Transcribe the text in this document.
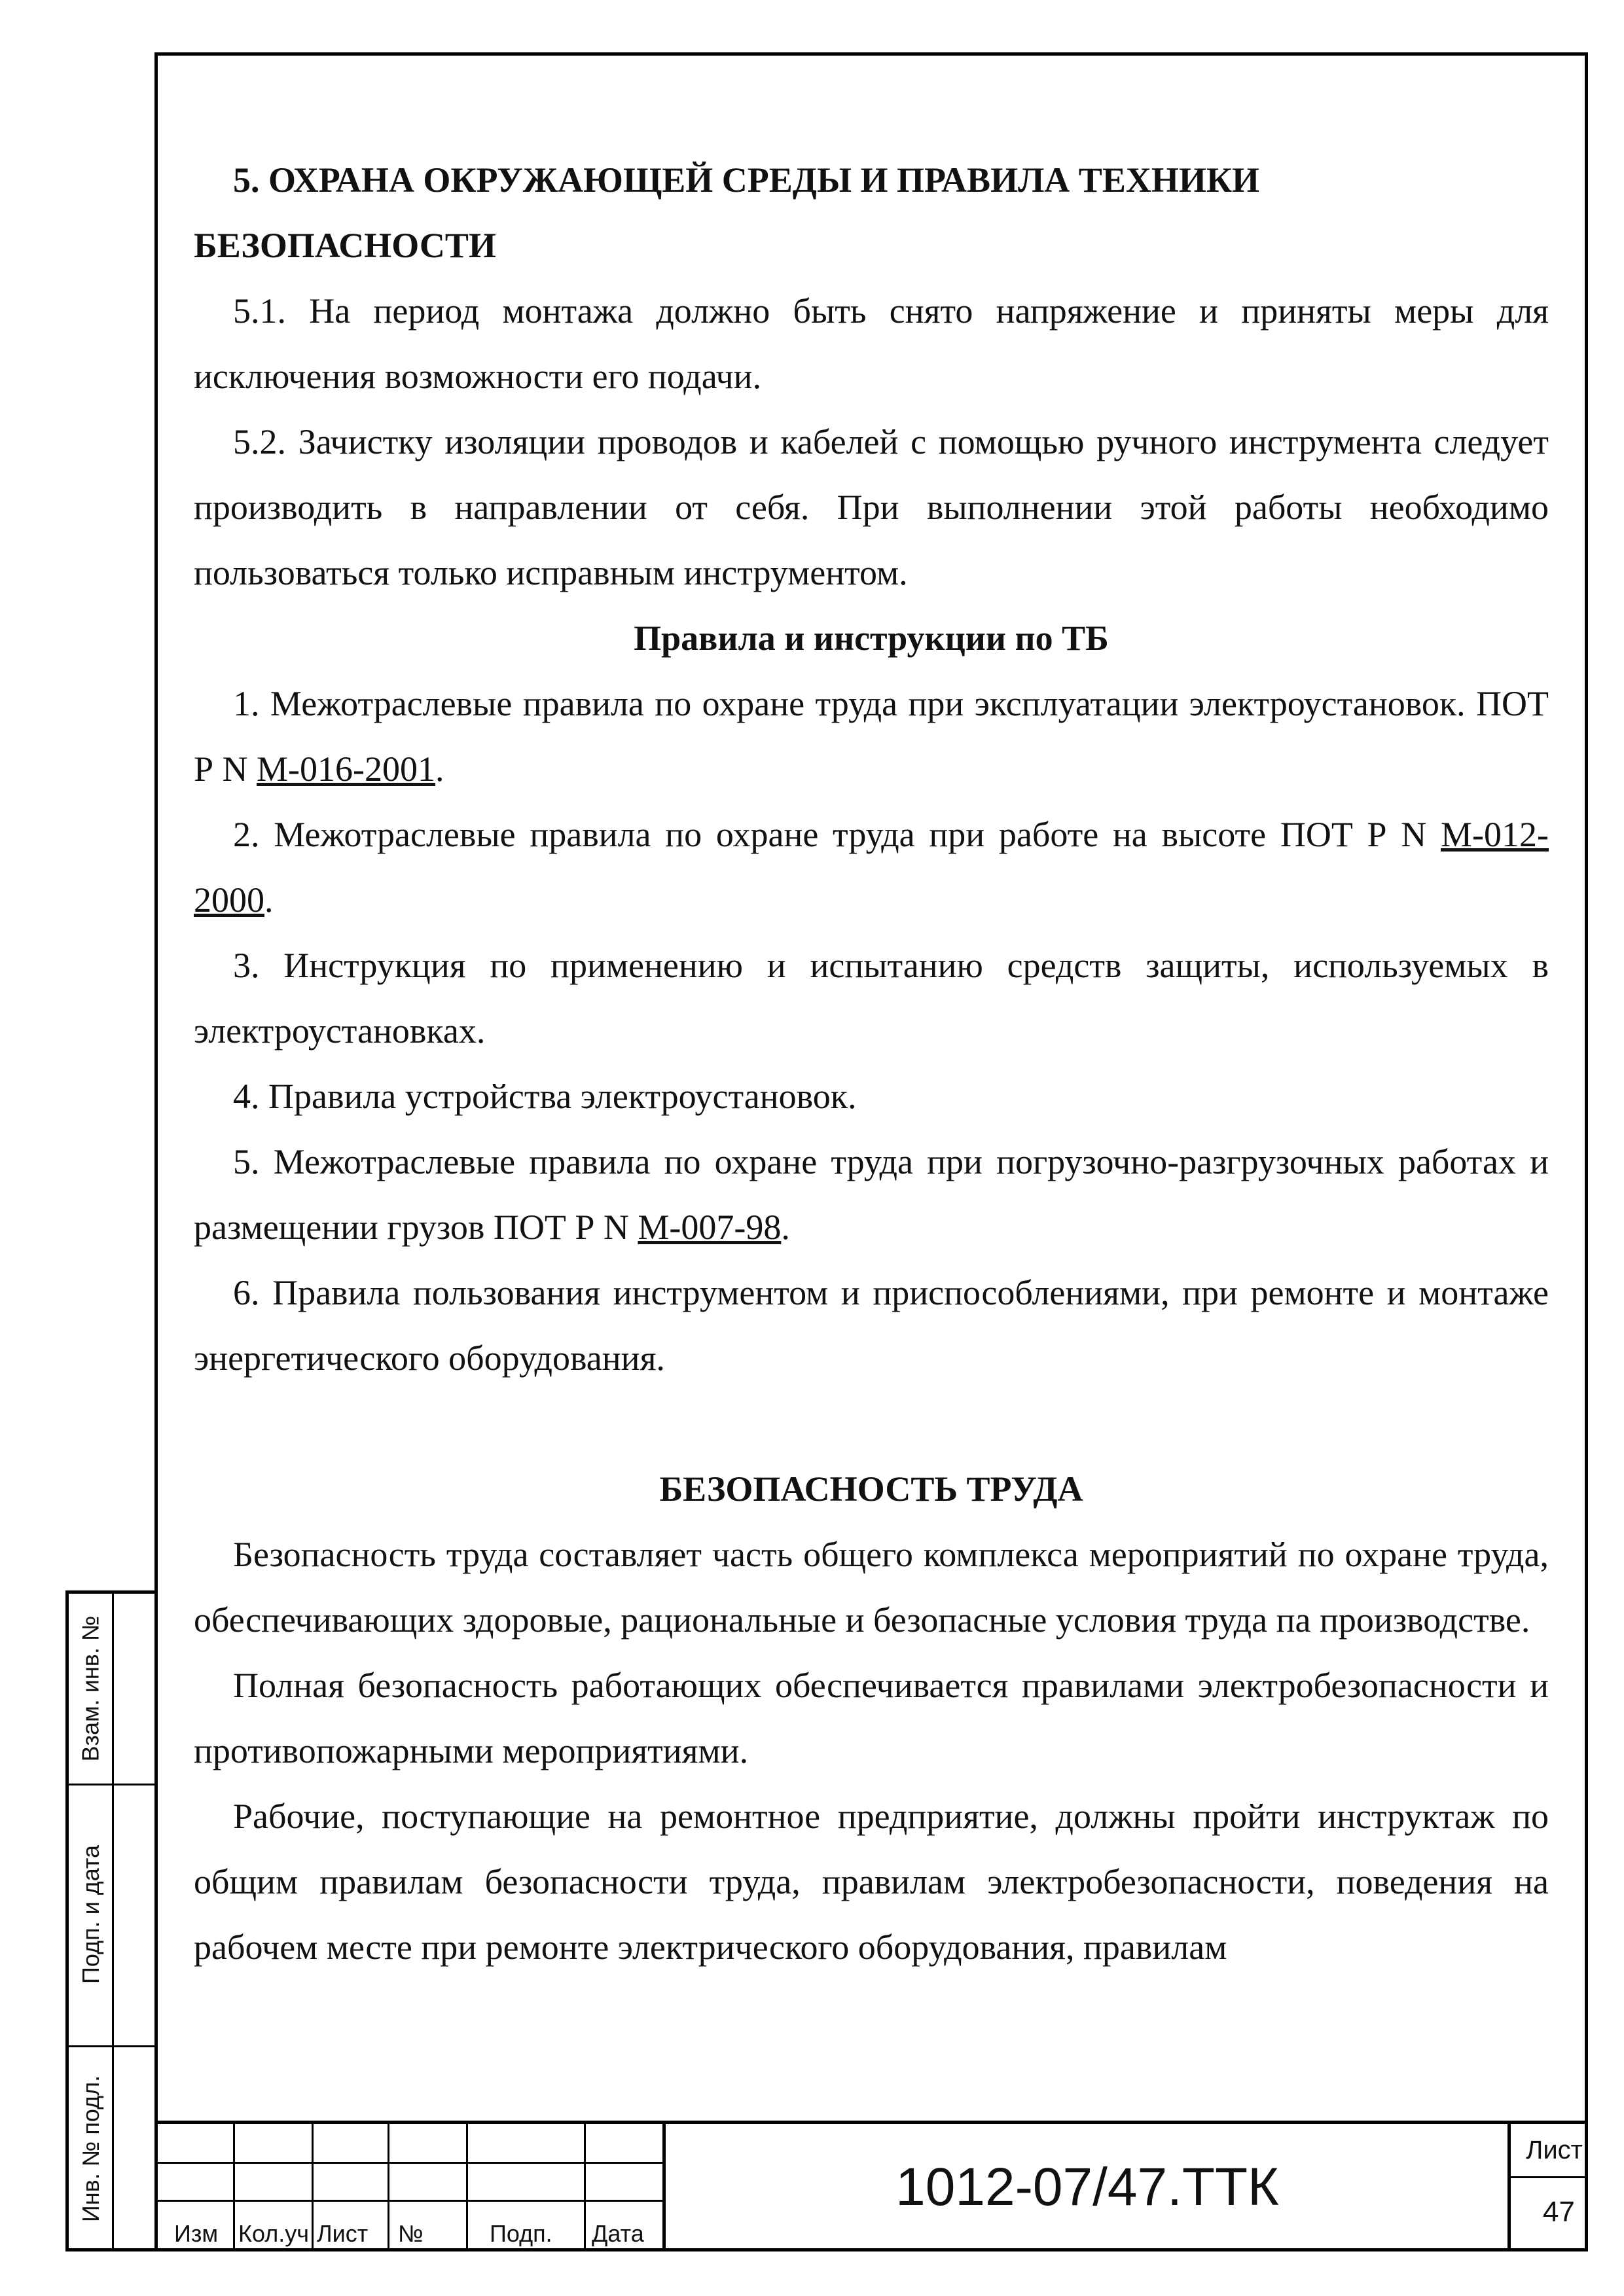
5. ОХРАНА ОКРУЖАЮЩЕЙ СРЕДЫ И ПРАВИЛА ТЕХНИКИ

БЕЗОПАСНОСТИ

5.1. На период монтажа должно быть снято напряжение и приняты меры для исключения возможности его подачи.

5.2. Зачистку изоляции проводов и кабелей с помощью ручного инструмента следует производить в направлении от себя. При выполнении этой работы необходимо пользоваться только исправным инструментом.

Правила и инструкции по ТБ

1. Межотраслевые правила по охране труда при эксплуатации электроустановок. ПОТ Р N М-016-2001.

2. Межотраслевые правила по охране труда при работе на высоте ПОТ Р N М-012-2000.

3. Инструкция по применению и испытанию средств защиты, используемых в электроустановках.

4. Правила устройства электроустановок.

5. Межотраслевые правила по охране труда при погрузочно-разгрузочных работах и размещении грузов ПОТ Р N М-007-98.

6. Правила пользования инструментом и приспособлениями, при ремонте и монтаже энергетического оборудования.

БЕЗОПАСНОСТЬ ТРУДА

Безопасность труда составляет часть общего комплекса мероприятий по охране труда, обеспечивающих здоровые, рациональные и безопасные условия труда па производстве.

Полная безопасность работающих обеспечивается правилами электробезопасности и противопожарными мероприятиями.

Рабочие, поступающие на ремонтное предприятие, должны пройти инструктаж по общим правилам безопасности труда, правилам электробезопасности, поведения на рабочем месте при ремонте электрического оборудования, правилам

Взам. инв. №
Подп. и дата
Инв. № подл.
Изм Кол.уч Лист №	Подп. Дата
1012-07/47.ТТК
Лист
47
